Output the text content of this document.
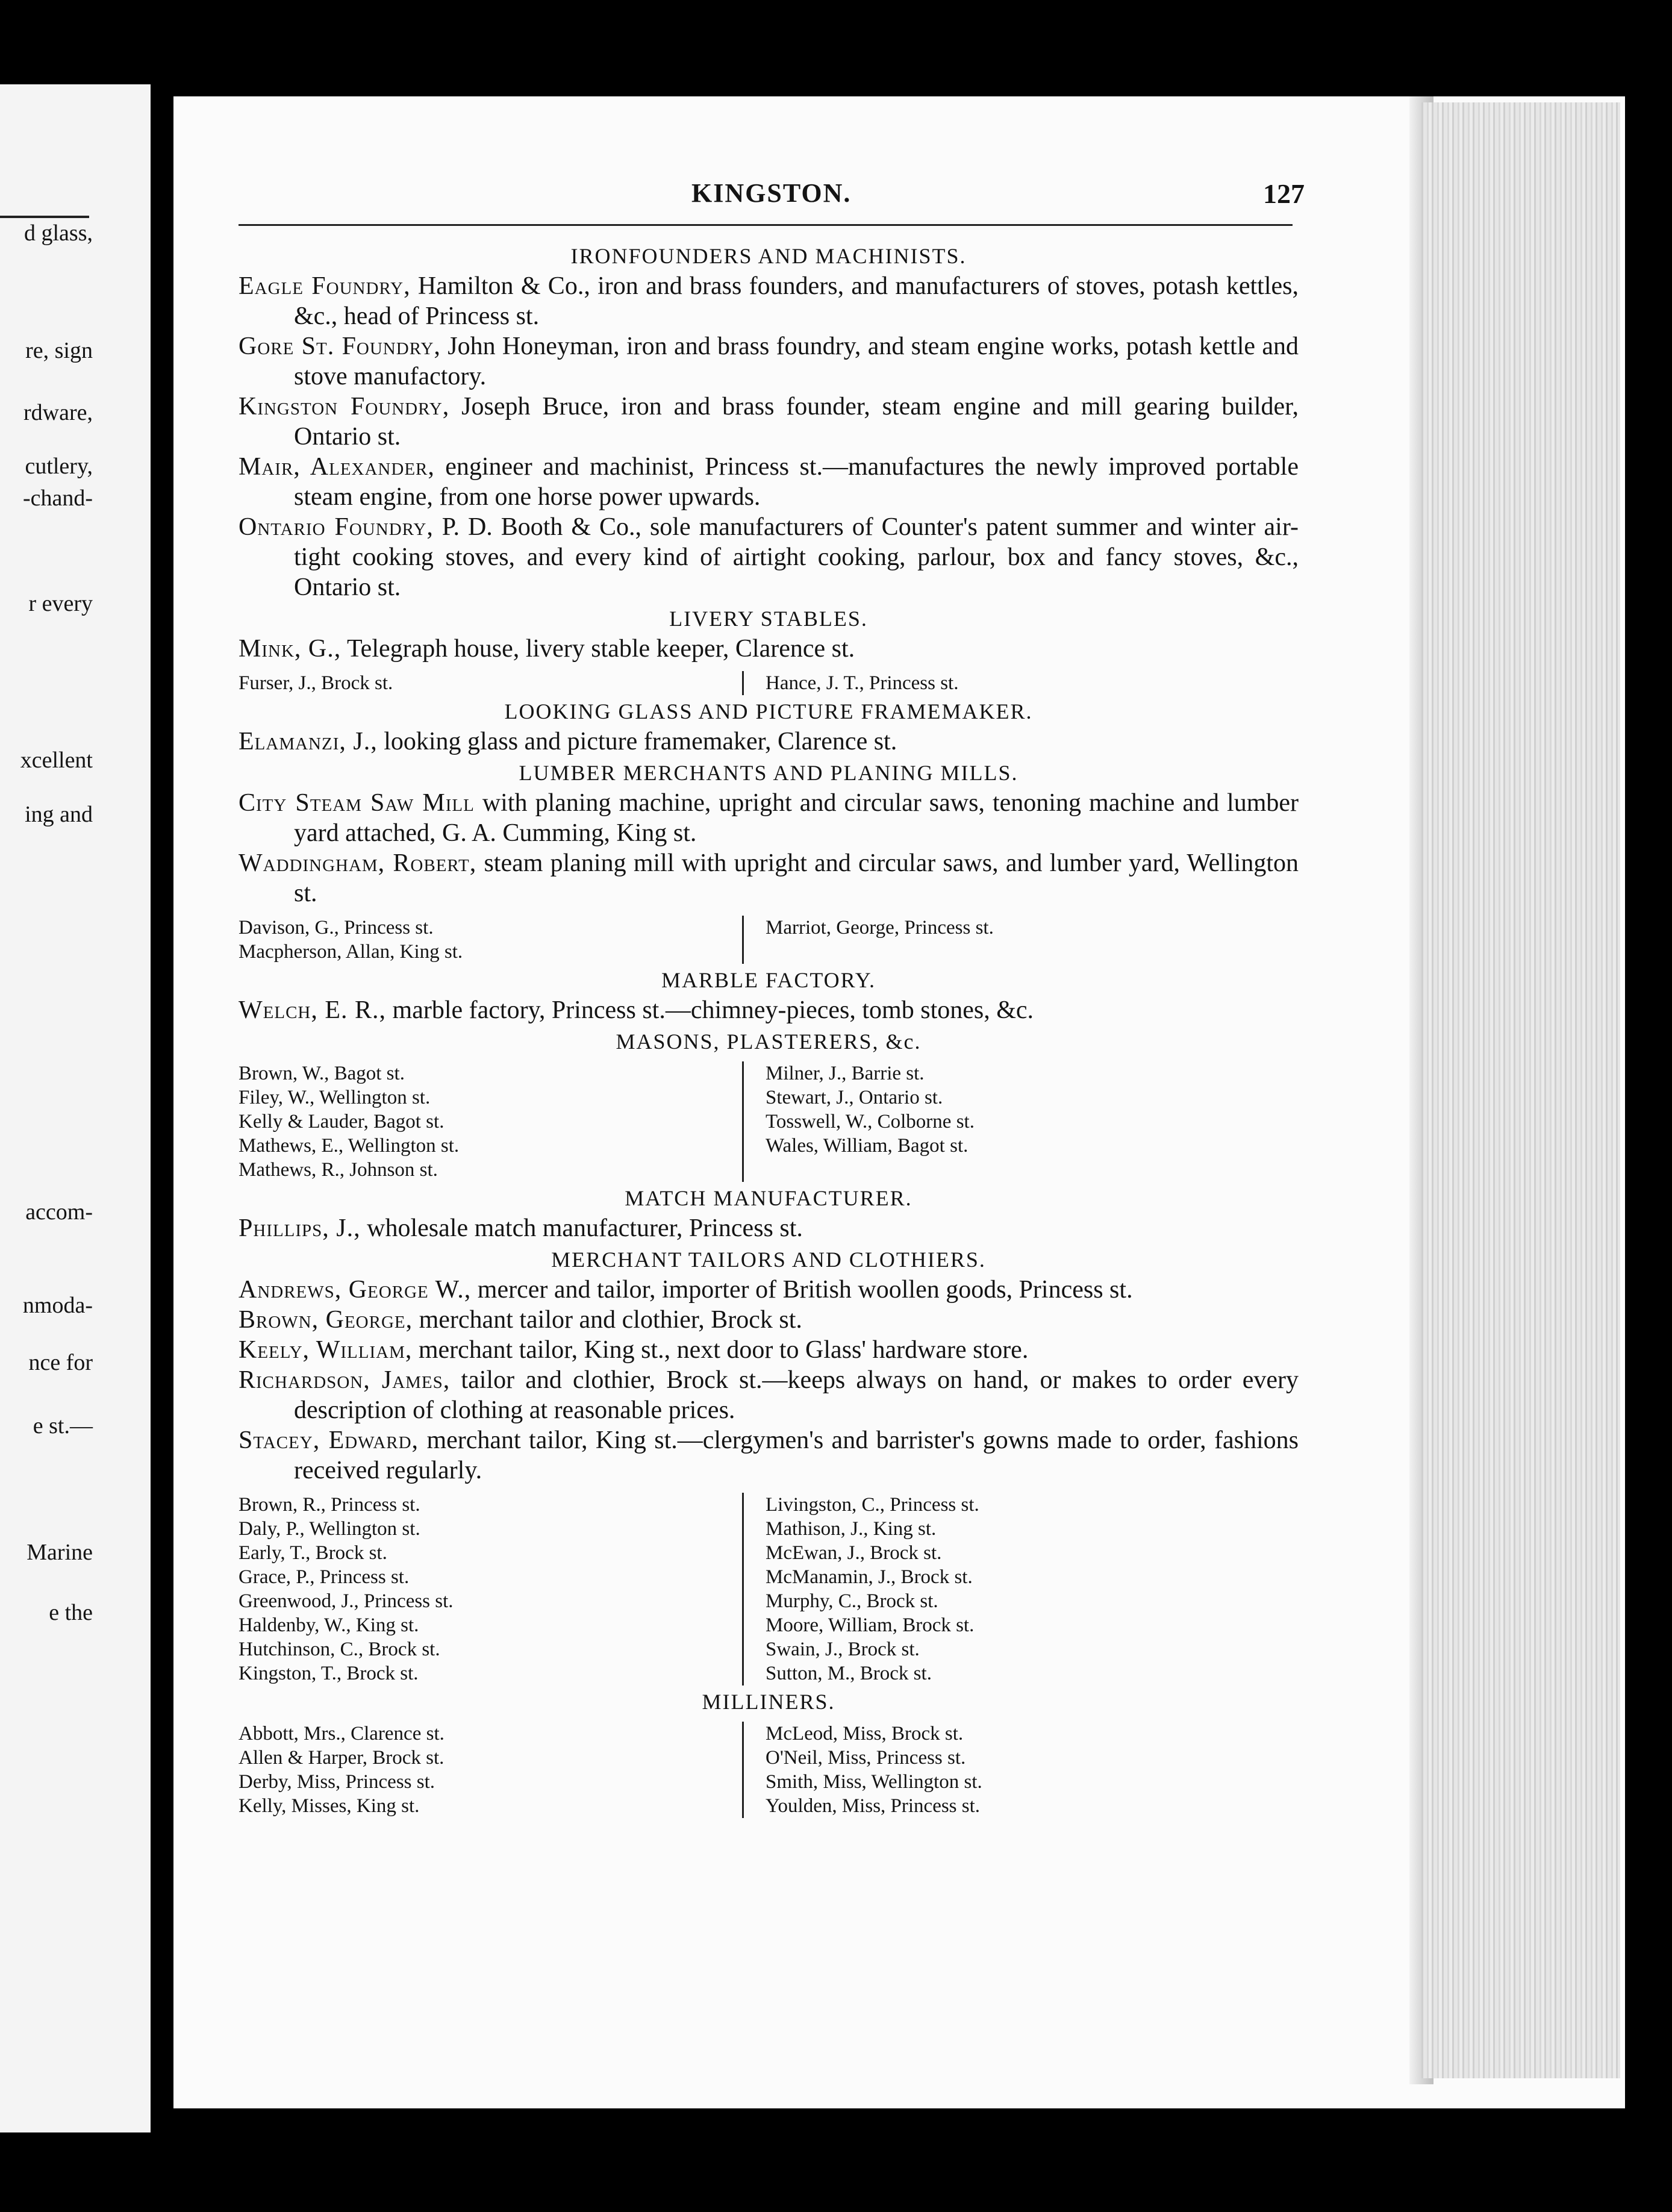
d glass,
re, sign
rdware,
cutlery,
-chand-
r every
xcellent
ing and
accom-
nmoda-
nce for
e st.—
Marine
e the
KINGSTON.	127
IRONFOUNDERS AND MACHINISTS.
Eagle Foundry, Hamilton & Co., iron and brass founders, and manufacturers of stoves, potash kettles, &c., head of Princess st.
Gore St. Foundry, John Honeyman, iron and brass foundry, and steam engine works, potash kettle and stove manufactory.
Kingston Foundry, Joseph Bruce, iron and brass founder, steam engine and mill gearing builder, Ontario st.
Mair, Alexander, engineer and machinist, Princess st.—manufactures the newly improved portable steam engine, from one horse power upwards.
Ontario Foundry, P. D. Booth & Co., sole manufacturers of Counter's patent summer and winter air-tight cooking stoves, and every kind of airtight cooking, parlour, box and fancy stoves, &c., Ontario st.
LIVERY STABLES.
Mink, G., Telegraph house, livery stable keeper, Clarence st.
Furser, J., Brock st.	Hance, J. T., Princess st.
LOOKING GLASS AND PICTURE FRAMEMAKER.
Elamanzi, J., looking glass and picture framemaker, Clarence st.
LUMBER MERCHANTS AND PLANING MILLS.
City Steam Saw Mill with planing machine, upright and circular saws, tenoning machine and lumber yard attached, G. A. Cumming, King st.
Waddingham, Robert, steam planing mill with upright and circular saws, and lumber yard, Wellington st.
Davison, G., Princess st.
Macpherson, Allan, King st.
Marriot, George, Princess st.
MARBLE FACTORY.
Welch, E. R., marble factory, Princess st.—chimney-pieces, tomb stones, &c.
MASONS, PLASTERERS, &c.
Brown, W., Bagot st.
Filey, W., Wellington st.
Kelly & Lauder, Bagot st.
Mathews, E., Wellington st.
Mathews, R., Johnson st.
Milner, J., Barrie st.
Stewart, J., Ontario st.
Tosswell, W., Colborne st.
Wales, William, Bagot st.
MATCH MANUFACTURER.
Phillips, J., wholesale match manufacturer, Princess st.
MERCHANT TAILORS AND CLOTHIERS.
Andrews, George W., mercer and tailor, importer of British woollen goods, Princess st.
Brown, George, merchant tailor and clothier, Brock st.
Keely, William, merchant tailor, King st., next door to Glass' hardware store.
Richardson, James, tailor and clothier, Brock st.—keeps always on hand, or makes to order every description of clothing at reasonable prices.
Stacey, Edward, merchant tailor, King st.—clergymen's and barrister's gowns made to order, fashions received regularly.
Brown, R., Princess st.
Daly, P., Wellington st.
Early, T., Brock st.
Grace, P., Princess st.
Greenwood, J., Princess st.
Haldenby, W., King st.
Hutchinson, C., Brock st.
Kingston, T., Brock st.
Livingston, C., Princess st.
Mathison, J., King st.
McEwan, J., Brock st.
McManamin, J., Brock st.
Murphy, C., Brock st.
Moore, William, Brock st.
Swain, J., Brock st.
Sutton, M., Brock st.
MILLINERS.
Abbott, Mrs., Clarence st.
Allen & Harper, Brock st.
Derby, Miss, Princess st.
Kelly, Misses, King st.
McLeod, Miss, Brock st.
O'Neil, Miss, Princess st.
Smith, Miss, Wellington st.
Youlden, Miss, Princess st.
